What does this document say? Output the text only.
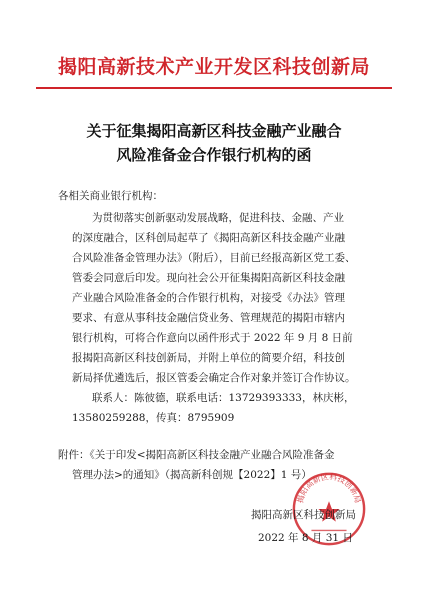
揭阳高新技术产业开发区科技创新局
关于征集揭阳高新区科技金融产业融合
风险准备金合作银行机构的函
各相关商业银行机构：
为贯彻落实创新驱动发展战略，促进科技、金融、产业
的深度融合，区科创局起草了《揭阳高新区科技金融产业融
合风险准备金管理办法》（附后），目前已经报高新区党工委、
管委会同意后印发。现向社会公开征集揭阳高新区科技金融
产业融合风险准备金的合作银行机构，对接受《办法》管理
要求、有意从事科技金融信贷业务、管理规范的揭阳市辖内
银行机构，可将合作意向以函件形式于 2022 年 9 月 8 日前
报揭阳高新区科技创新局，并附上单位的简要介绍，科技创
新局择优遴选后，报区管委会确定合作对象并签订合作协议。
联系人：陈彼德，联系电话：13729393333，林庆彬，
13580259288，传真：8795909
附件：《关于印发<揭阳高新区科技金融产业融合风险准备金
管理办法>的通知》（揭高新科创规【2022】1 号）
揭阳高新区科技创新局
揭阳高新区科技创新局
2022 年 8 月 31 日
